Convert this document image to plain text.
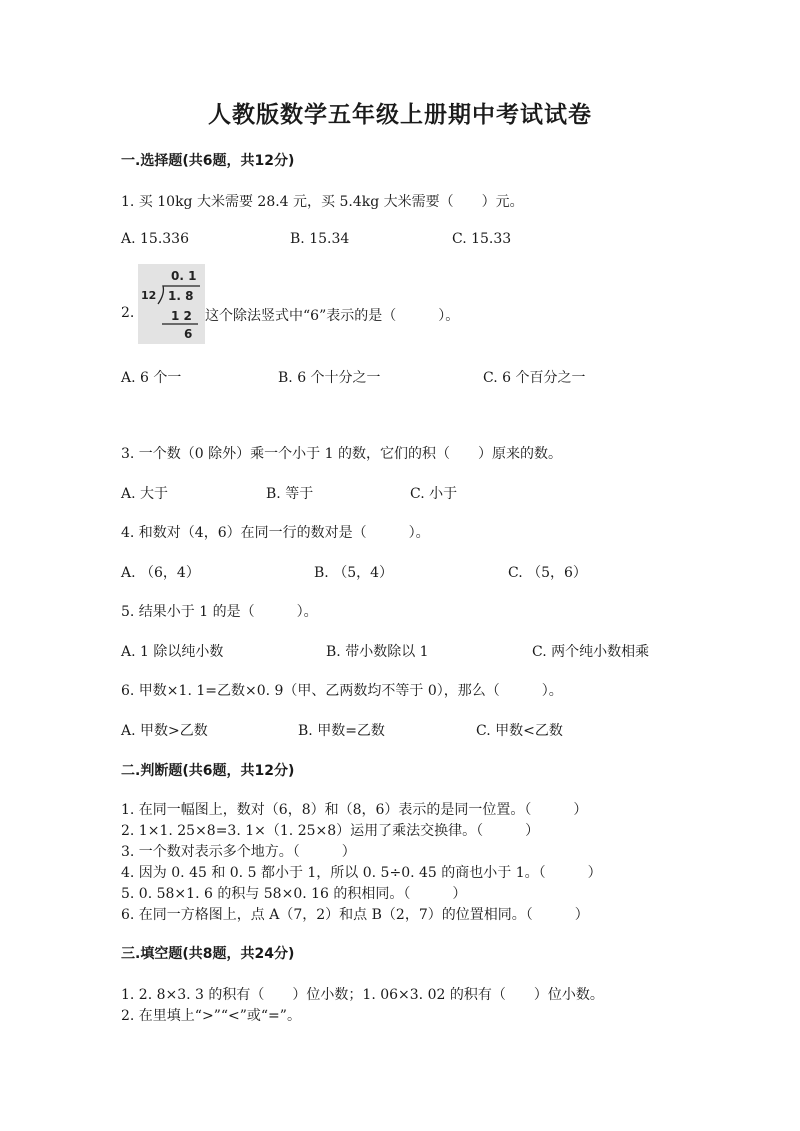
人教版数学五年级上册期中考试试卷
一.选择题(共6题，共12分)
1. 买 10kg 大米需要 28.4 元，买 5.4kg 大米需要（　　）元。
A. 15.336	B. 15.34	C. 15.33
2.
0. 1
12 1. 8
1 2
6
这个除法竖式中“6”表示的是（　　　）。
A. 6 个一	B. 6 个十分之一	C. 6 个百分之一
3. 一个数（0 除外）乘一个小于 1 的数，它们的积（　　）原来的数。
A. 大于	B. 等于	C. 小于
4. 和数对（4，6）在同一行的数对是（　　　）。
A. （6，4）	B. （5，4）	C. （5，6）
5. 结果小于 1 的是（　　　）。
A. 1 除以纯小数	B. 带小数除以 1	C. 两个纯小数相乘
6. 甲数×1. 1=乙数×0. 9（甲、乙两数均不等于 0），那么（　　　）。
A. 甲数>乙数	B. 甲数=乙数	C. 甲数<乙数
二.判断题(共6题，共12分)
1. 在同一幅图上，数对（6，8）和（8，6）表示的是同一位置。（　　　）
2. 1×1. 25×8=3. 1×（1. 25×8）运用了乘法交换律。（　　　）
3. 一个数对表示多个地方。（　　　）
4. 因为 0. 45 和 0. 5 都小于 1，所以 0. 5÷0. 45 的商也小于 1。（　　　）
5. 0. 58×1. 6 的积与 58×0. 16 的积相同。（　　　）
6. 在同一方格图上，点 A（7，2）和点 B（2，7）的位置相同。（　　　）
三.填空题(共8题，共24分)
1. 2. 8×3. 3 的积有（　　）位小数；1. 06×3. 02 的积有（　　）位小数。
2. 在里填上“>”“<”或“=”。
